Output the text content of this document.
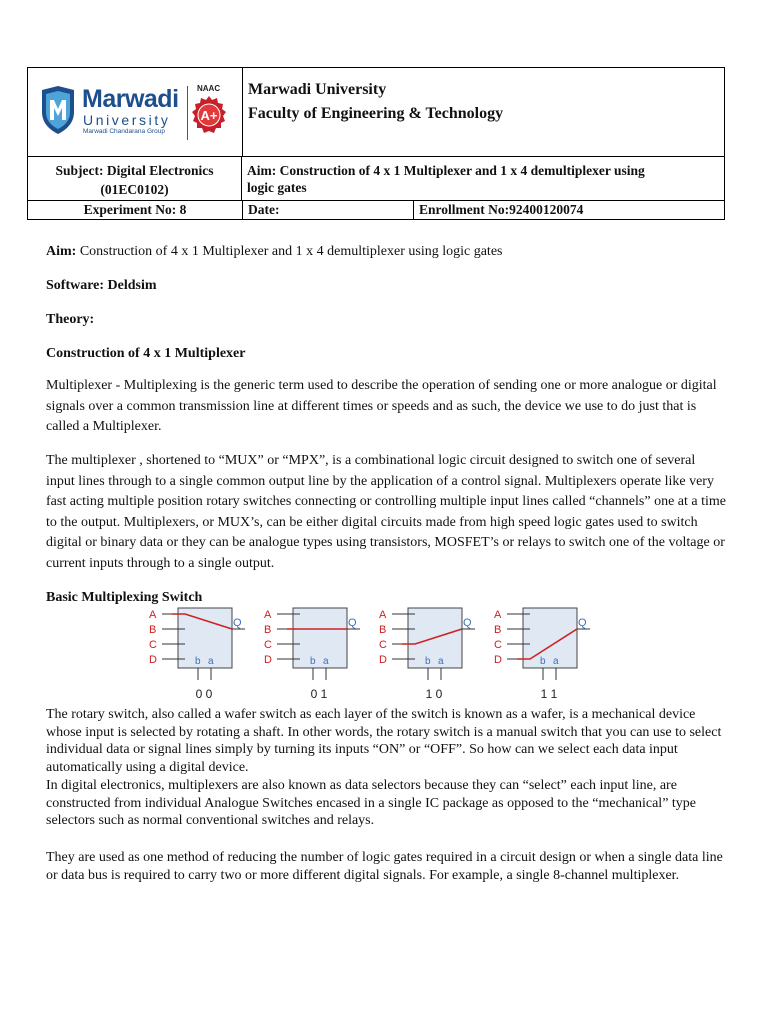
Marwadi
University
Marwadi Chandarana Group
NAAC
A+
Marwadi University
Faculty of Engineering & Technology
Subject: Digital Electronics
(01EC0102)
Aim: Construction of 4 x 1 Multiplexer and 1 x 4 demultiplexer using
logic gates
Experiment No: 8	Date:	Enrollment No:92400120074
Aim: Construction of 4 x 1 Multiplexer and 1 x 4 demultiplexer using logic gates
Software: Deldsim
Theory:
Construction of 4 x 1 Multiplexer
Multiplexer - Multiplexing is the generic term used to describe the operation of sending one or more analogue or digital signals over a common transmission line at different times or speeds and as such, the device we use to do just that is called a Multiplexer.
The multiplexer , shortened to “MUX” or “MPX”, is a combinational logic circuit designed to switch one of several input lines through to a single common output line by the application of a control signal. Multiplexers operate like very fast acting multiple position rotary switches connecting or controlling multiple input lines called “channels” one at a time to the output. Multiplexers, or MUX’s, can be either digital circuits made from high speed logic gates used to switch digital or binary data or they can be analogue types using transistors, MOSFET’s or relays to switch one of the voltage or current inputs through to a single output.
Basic Multiplexing Switch
A
B
C
D
Q
b a
0 0
A
B
C
D
Q
b a
0 1
A
B
C
D
Q
b a
1 0
A
B
C
D
Q
b a
1 1
The rotary switch, also called a wafer switch as each layer of the switch is known as a wafer, is a mechanical device whose input is selected by rotating a shaft. In other words, the rotary switch is a manual switch that you can use to select individual data or signal lines simply by turning its inputs “ON” or “OFF”. So how can we select each data input automatically using a digital device.
In digital electronics, multiplexers are also known as data selectors because they can “select” each input line, are constructed from individual Analogue Switches encased in a single IC package as opposed to the “mechanical” type selectors such as normal conventional switches and relays.
They are used as one method of reducing the number of logic gates required in a circuit design or when a single data line or data bus is required to carry two or more different digital signals. For example, a single 8-channel multiplexer.
